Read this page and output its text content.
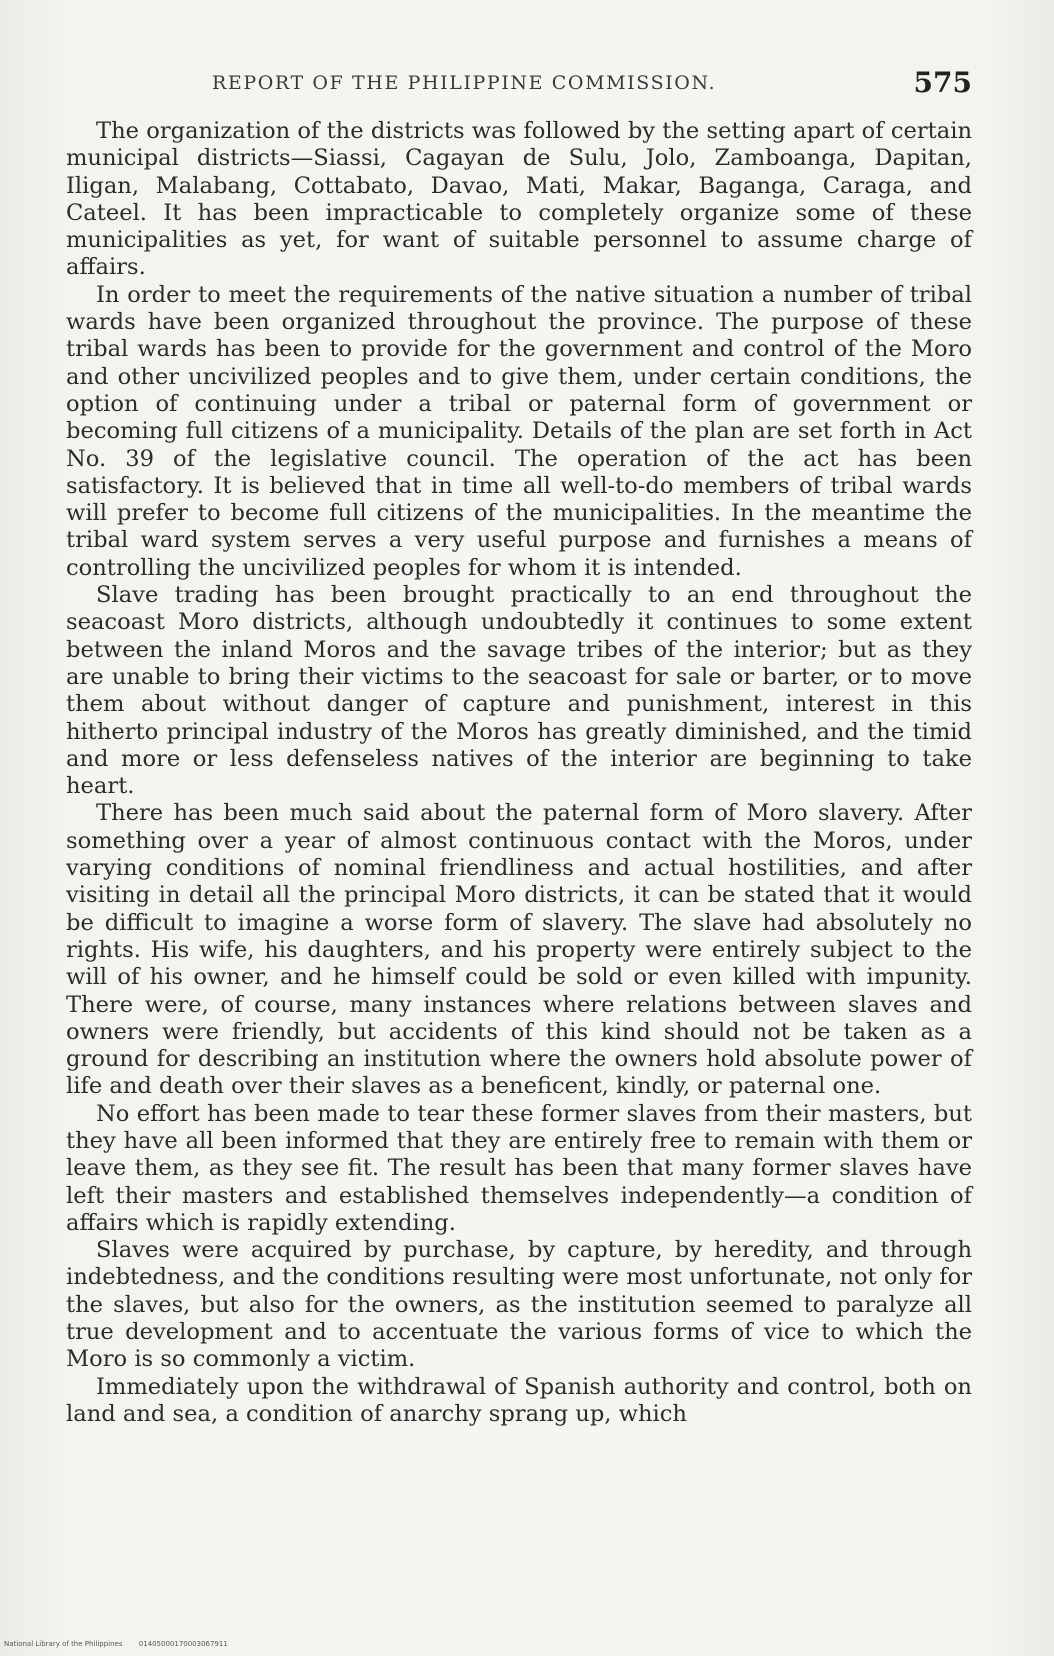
REPORT OF THE PHILIPPINE COMMISSION.	575

The organization of the districts was followed by the setting apart of certain municipal districts—Siassi, Cagayan de Sulu, Jolo, Zamboanga, Dapitan, Iligan, Malabang, Cottabato, Davao, Mati, Makar, Baganga, Caraga, and Cateel. It has been impracticable to completely organize some of these municipalities as yet, for want of suitable personnel to assume charge of affairs.

In order to meet the requirements of the native situation a number of tribal wards have been organized throughout the province. The purpose of these tribal wards has been to provide for the government and control of the Moro and other uncivilized peoples and to give them, under certain conditions, the option of continuing under a tribal or paternal form of government or becoming full citizens of a municipality. Details of the plan are set forth in Act No. 39 of the legislative council. The operation of the act has been satisfactory. It is believed that in time all well-to-do members of tribal wards will prefer to become full citizens of the municipalities. In the meantime the tribal ward system serves a very useful purpose and furnishes a means of controlling the uncivilized peoples for whom it is intended.

Slave trading has been brought practically to an end throughout the seacoast Moro districts, although undoubtedly it continues to some extent between the inland Moros and the savage tribes of the interior; but as they are unable to bring their victims to the seacoast for sale or barter, or to move them about without danger of capture and punishment, interest in this hitherto principal industry of the Moros has greatly diminished, and the timid and more or less defenseless natives of the interior are beginning to take heart.

There has been much said about the paternal form of Moro slavery. After something over a year of almost continuous contact with the Moros, under varying conditions of nominal friendliness and actual hostilities, and after visiting in detail all the principal Moro districts, it can be stated that it would be difficult to imagine a worse form of slavery. The slave had absolutely no rights. His wife, his daughters, and his property were entirely subject to the will of his owner, and he himself could be sold or even killed with impunity. There were, of course, many instances where relations between slaves and owners were friendly, but accidents of this kind should not be taken as a ground for describing an institution where the owners hold absolute power of life and death over their slaves as a beneficent, kindly, or paternal one.

No effort has been made to tear these former slaves from their masters, but they have all been informed that they are entirely free to remain with them or leave them, as they see fit. The result has been that many former slaves have left their masters and established themselves independently—a condition of affairs which is rapidly extending.

Slaves were acquired by purchase, by capture, by heredity, and through indebtedness, and the conditions resulting were most unfortunate, not only for the slaves, but also for the owners, as the institution seemed to paralyze all true development and to accentuate the various forms of vice to which the Moro is so commonly a victim.

Immediately upon the withdrawal of Spanish authority and control, both on land and sea, a condition of anarchy sprang up, which

National Library of the Philippines 01405000170003067911
